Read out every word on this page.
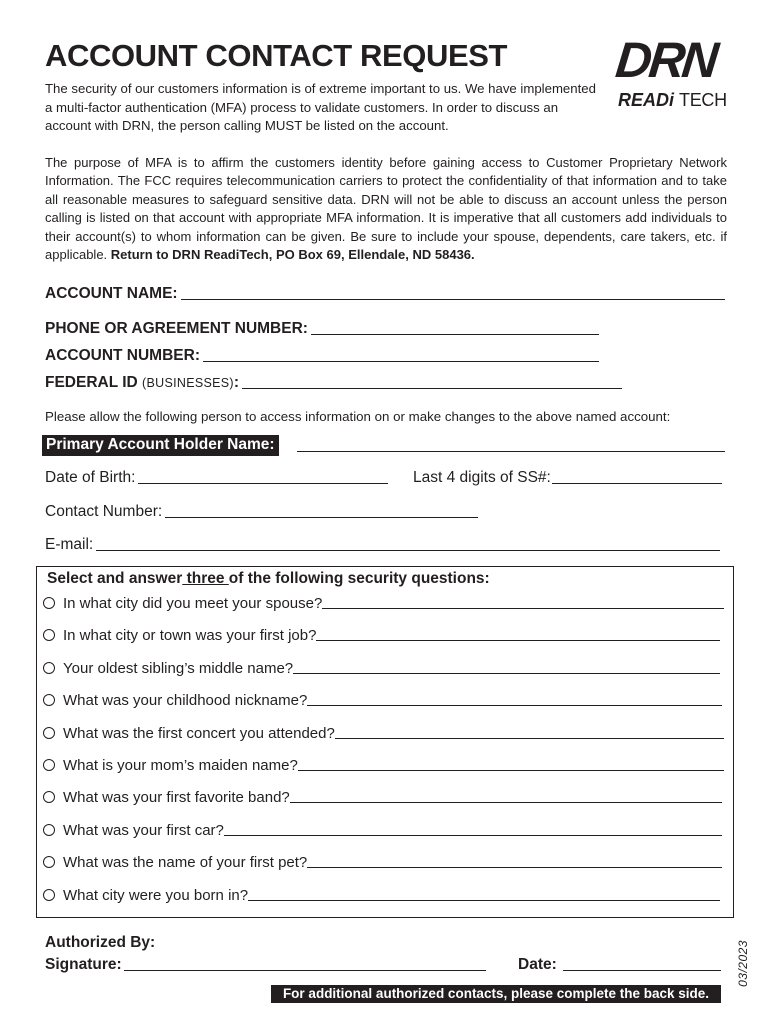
ACCOUNT CONTACT REQUEST DRN
READi TECH

The security of our customers information is of extreme important to us. We have implemented a multi-factor authentication (MFA) process to validate customers. In order to discuss an account with DRN, the person calling MUST be listed on the account.

The purpose of MFA is to affirm the customers identity before gaining access to Customer Proprietary Network Information. The FCC requires telecommunication carriers to protect the confidentiality of that information and to take all reasonable measures to safeguard sensitive data. DRN will not be able to discuss an account unless the person calling is listed on that account with appropriate MFA information. It is imperative that all customers add individuals to their account(s) to whom information can be given. Be sure to include your spouse, dependents, care takers, etc. if applicable. Return to DRN ReadiTech, PO Box 69, Ellendale, ND 58436.

ACCOUNT NAME:
PHONE OR AGREEMENT NUMBER:
ACCOUNT NUMBER:
FEDERAL ID (BUSINESSES):
Please allow the following person to access information on or make changes to the above named account:
Primary Account Holder Name:
Date of Birth:	Last 4 digits of SS#:
Contact Number:
E-mail:
Select and answer three of the following security questions:
In what city did you meet your spouse?
In what city or town was your first job?
Your oldest sibling’s middle name?
What was your childhood nickname?
What was the first concert you attended?
What is your mom’s maiden name?
What was your first favorite band?
What was your first car?
What was the name of your first pet?
What city were you born in?
Authorized By:
Signature:	Date:	03/2023
For additional authorized contacts, please complete the back side.
